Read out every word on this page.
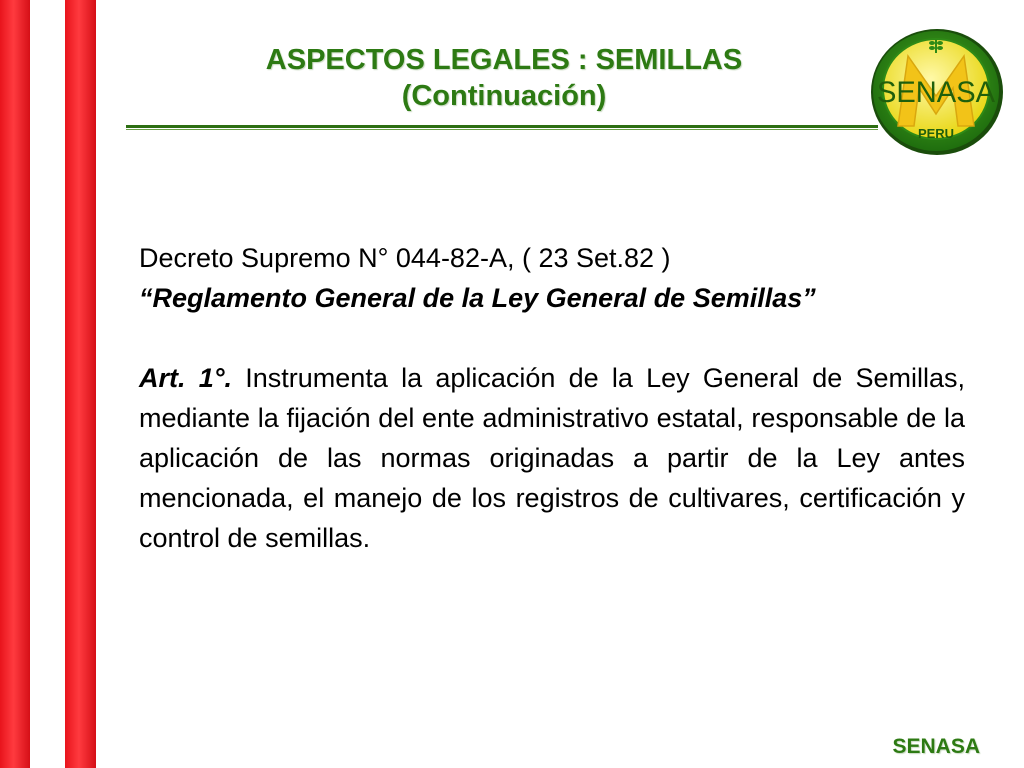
ASPECTOS LEGALES : SEMILLAS
(Continuación)	SENASA
PERU
Decreto Supremo N° 044-82-A, ( 23 Set.82 )
“Reglamento General de la Ley General de Semillas”
Art. 1°. Instrumenta la aplicación de la Ley General de Semillas, mediante la fijación del ente administrativo estatal, responsable de la aplicación de las normas originadas a partir de la Ley antes mencionada, el manejo de los registros de cultivares, certificación y control de semillas.
SENASA
